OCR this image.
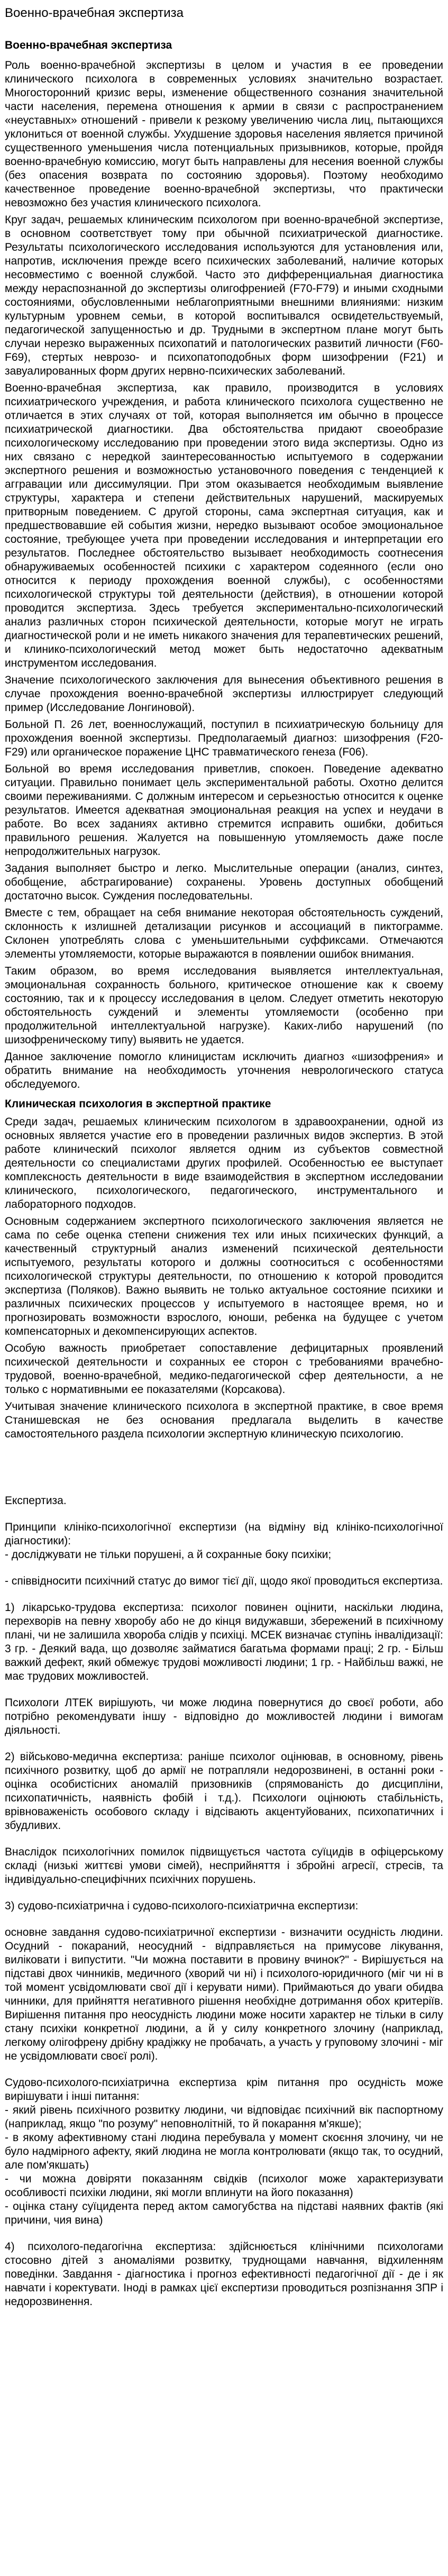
Военно-врачебная экспертиза
Военно-врачебная экспертиза

Роль военно-врачебной экспертизы в целом и участия в ее проведении клинического психолога в современных условиях значительно возрастает. Многосторонний кризис веры, изменение общественного сознания значительной части населения, перемена отношения к армии в связи с распространением «неуставных» отношений - привели к резкому увеличению числа лиц, пытающихся уклониться от военной службы. Ухудшение здоровья населения является причиной существенного уменьшения числа потенциальных призывников, которые, пройдя военно-врачебную комиссию, могут быть направлены для несения военной службы (без опасения возврата по состоянию здоровья). Поэтому необходимо качественное проведение военно-врачебной экспертизы, что практически невозможно без участия клинического психолога.

Круг задач, решаемых клиническим психологом при военно-врачебной экспертизе, в основном соответствует тому при обычной психиатрической диагностике. Результаты психологического исследования используются для установления или, напротив, исключения прежде всего психических заболеваний, наличие которых несовместимо с военной службой. Часто это дифференциальная диагностика между нераспознанной до экспертизы олигофренией (F70-F79) и иными сходными состояниями, обусловленными неблагоприятными внешними влияниями: низким культурным уровнем семьи, в которой воспитывался освидетельствуемый, педагогической запущенностью и др. Трудными в экспертном плане могут быть случаи нерезко выраженных психопатий и патологических развитий личности (F60-F69), стертых неврозо- и психопатоподобных форм шизофрении (F21) и завуалированных форм других нервно-психических заболеваний.

Военно-врачебная экспертиза, как правило, производится в условиях психиатрического учреждения, и работа клинического психолога существенно не отличается в этих случаях от той, которая выполняется им обычно в процессе психиатрической диагностики. Два обстоятельства придают своеобразие психологическому исследованию при проведении этого вида экспертизы. Одно из них связано с нередкой заинтересованностью испытуемого в содержании экспертного решения и возможностью установочного поведения с тенденцией к аггравации или диссимуляции. При этом оказывается необходимым выявление структуры, характера и степени действительных нарушений, маскируемых притворным поведением. С другой стороны, сама экспертная ситуация, как и предшествовавшие ей события жизни, нередко вызывают особое эмоциональное состояние, требующее учета при проведении исследования и интерпретации его результатов. Последнее обстоятельство вызывает необходимость соотнесения обнаруживаемых особенностей психики с характером содеянного (если оно относится к периоду прохождения военной службы), с особенностями психологической структуры той деятельности (действия), в отношении которой проводится экспертиза. Здесь требуется экспериментально-психологический анализ различных сторон психической деятельности, которые могут не играть диагностической роли и не иметь никакого значения для терапевтических решений, и клинико-психологический метод может быть недостаточно адекватным инструментом исследования.

Значение психологического заключения для вынесения объективного решения в случае прохождения военно-врачебной экспертизы иллюстрирует следующий пример (Исследование Лонгиновой).

Больной П. 26 лет, военнослужащий, поступил в психиатрическую больницу для прохождения военной экспертизы. Предполагаемый диагноз: шизофрения (F20-F29) или органическое поражение ЦНС травматического генеза (F06).

Больной во время исследования приветлив, спокоен. Поведение адекватно ситуации. Правильно понимает цель экспериментальной работы. Охотно делится своими переживаниями. С должным интересом и серьезностью относится к оценке результатов. Имеется адекватная эмоциональная реакция на успех и неудачи в работе. Во всех заданиях активно стремится исправить ошибки, добиться правильного решения. Жалуется на повышенную утомляемость даже после непродолжительных нагрузок.

Задания выполняет быстро и легко. Мыслительные операции (анализ, синтез, обобщение, абстрагирование) сохранены. Уровень доступных обобщений достаточно высок. Суждения последовательны.

Вместе с тем, обращает на себя внимание некоторая обстоятельность суждений, склонность к излишней детализации рисунков и ассоциаций в пиктограмме. Склонен употреблять слова с уменьшительными суффиксами. Отмечаются элементы утомляемости, которые выражаются в появлении ошибок внимания.

Таким образом, во время исследования выявляется интеллектуальная, эмоциональная сохранность больного, критическое отношение как к своему состоянию, так и к процессу исследования в целом. Следует отметить некоторую обстоятельность суждений и элементы утомляемости (особенно при продолжительной интеллектуальной нагрузке). Каких-либо нарушений (по шизофреническому типу) выявить не удается.

Данное заключение помогло клиницистам исключить диагноз «шизофрения» и обратить внимание на необходимость уточнения неврологического статуса обследуемого.

Клиническая психология в экспертной практике

Среди задач, решаемых клиническим психологом в здравоохранении, одной из основных является участие его в проведении различных видов экспертиз. В этой работе клинический психолог является одним из субъектов совместной деятельности со специалистами других профилей. Особенностью ее выступает комплексность деятельности в виде взаимодействия в экспертном исследовании клинического, психологического, педагогического, инструментального и лабораторного подходов.

Основным содержанием экспертного психологического заключения является не сама по себе оценка степени снижения тех или иных психических функций, а качественный структурный анализ изменений психической деятельности испытуемого, результаты которого и должны соотноситься с особенностями психологической структуры деятельности, по отношению к которой проводится экспертиза (Поляков). Важно выявить не только актуальное состояние психики и различных психических процессов у испытуемого в настоящее время, но и прогнозировать возможности взрослого, юноши, ребенка на будущее с учетом компенсаторных и декомпенсирующих аспектов.

Особую важность приобретает сопоставление дефицитарных проявлений психической деятельности и сохранных ее сторон с требованиями врачебно-трудовой, военно-врачебной, медико-педагогической сфер деятельности, а не только с нормативными ее показателями (Корсакова).

Учитывая значение клинического психолога в экспертной практике, в свое время Станишевская не без основания предлагала выделить в качестве самостоятельного раздела психологии экспертную клиническую психологию.

Експертиза.

Принципи клініко-психологічної експертизи (на відміну від клініко-психологічної діагностики):

- досліджувати не тільки порушені, а й сохранные боку психіки;

- співвідносити психічний статус до вимог тієї дії, щодо якої проводиться експертиза.

1) лікарсько-трудова експертиза: психолог повинен оцінити, наскільки людина, перехворів на певну хворобу або не до кінця видужавши, збережений в психічному плані, чи не залишила хвороба слідів у психіці. МСЕК визначає ступінь інвалідизації: 3 гр. - Деякий вада, що дозволяє займатися багатьма формами праці; 2 гр. - Більш важкий дефект, який обмежує трудові можливості людини; 1 гр. - Найбільш важкі, не має трудових можливостей.

Психологи ЛТЕК вирішують, чи може людина повернутися до своєї роботи, або потрібно рекомендувати іншу - відповідно до можливостей людини і вимогам діяльності.

2) військово-медична експертиза: раніше психолог оцінював, в основному, рівень психічного розвитку, щоб до армії не потрапляли недорозвинені, в останні роки - оцінка особистісних аномалій призовників (спрямованість до дисципліни, психопатичність, наявність фобій і т.д.). Психологи оцінюють стабільність, врівноваженість особового складу і відсівають акцентуйованих, психопатичних і збудливих.

Внаслідок психологічних помилок підвищується частота суїцидів в офіцерському складі (низькі життєві умови сімей), несприйняття і збройні агресії, стресів, та індивідуально-специфічних психічних порушень.

3) судово-психіатрична і судово-психолого-психіатрична експертизи:

основне завдання судово-психіатричної експертизи - визначити осудність людини. Осудний - покараний, неосудний - відправляється на примусове лікування, виліковати і випустити. "Чи можна поставити в провину вчинок?" - Вирішується на підставі двох чинників, медичного (хворий чи ні) і психолого-юридичного (міг чи ні в той момент усвідомлювати свої дії і керувати ними). Приймаються до уваги обидва чинники, для прийняття негативного рішення необхідне дотримання обох критеріїв. Вирішення питання про неосудність людини може носити характер не тільки в силу стану психіки конкретної людини, а й у силу конкретного злочину (наприклад, легкому олігофрену дрібну крадіжку не пробачать, а участь у груповому злочині - міг не усвідомлювати своєї ролі).

Судово-психолого-психіатрична експертиза крім питання про осудність може вирішувати і інші питання:

- який рівень психічного розвитку людини, чи відповідає психічний вік паспортному (наприклад, якщо "по розуму" неповнолітній, то й покарання м'якше);

- в якому афективному стані людина перебувала у момент скоєння злочину, чи не було надмірного афекту, який людина не могла контролювати (якщо так, то осудний, але пом'якшать)

- чи можна довіряти показанням свідків (психолог може характеризувати особливості психіки людини, які могли вплинути на його показання)

- оцінка стану суїцидента перед актом самогубства на підставі наявних фактів (які причини, чия вина)

4) психолого-педагогічна експертиза: здійснюється клінічними психологами стосовно дітей з аномаліями розвитку, труднощами навчання, відхиленням поведінки. Завдання - діагностика і прогноз ефективності педагогічної дії - де і як навчати і коректувати. Іноді в рамках цієї експертизи проводиться розпізнання ЗПР і недорозвинення.
